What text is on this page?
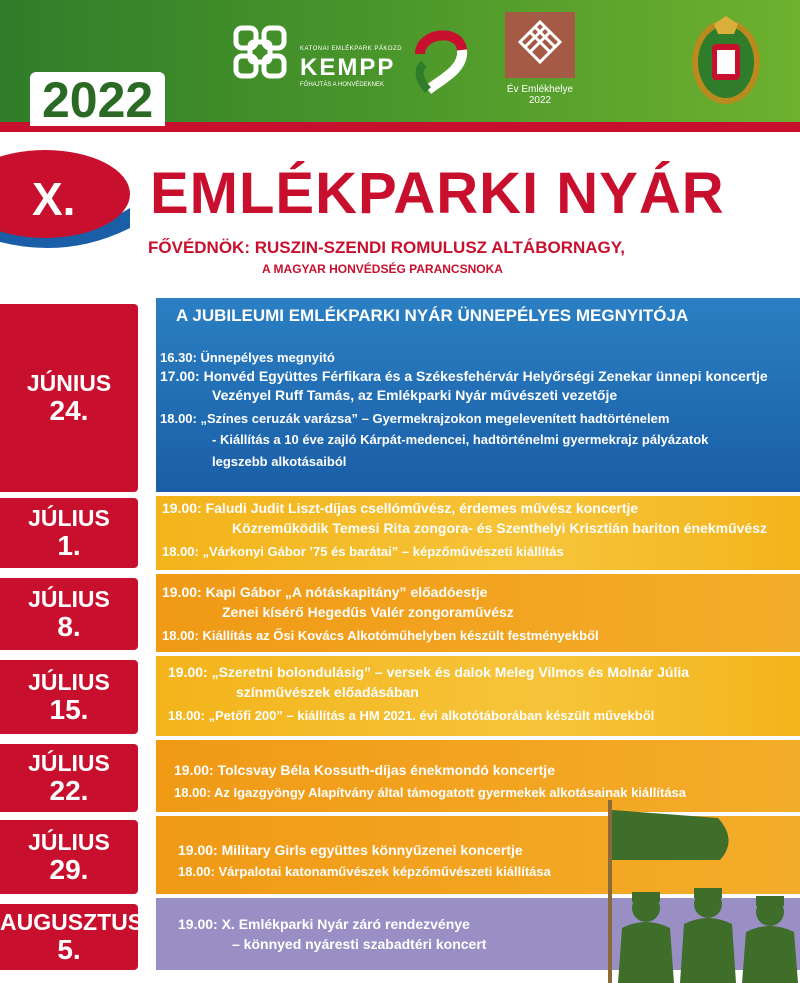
2022
KATONAI EMLÉKPARK PÁKOZD
KEMPP
FŐHAJTÁS A HONVÉDEKNEK	Év Emlékhelye
2022
X. EMLÉKPARKI NYÁR
FŐVÉDNÖK: RUSZIN-SZENDI ROMULUSZ ALTÁBORNAGY,
A MAGYAR HONVÉDSÉG PARANCSNOKA
JÚNIUS
24.
A JUBILEUMI EMLÉKPARKI NYÁR ÜNNEPÉLYES MEGNYITÓJA
16.30: Ünnepélyes megnyitó
17.00: Honvéd Együttes Férfikara és a Székesfehérvár Helyőrségi Zenekar ünnepi koncertje
Vezényel Ruff Tamás, az Emlékparki Nyár művészeti vezetője
18.00: „Színes ceruzák varázsa” – Gyermekrajzokon megelevenített hadtörténelem
- Kiállítás a 10 éve zajló Kárpát-medencei, hadtörténelmi gyermekrajz pályázatok
legszebb alkotásaiból
JÚLIUS
1.
19.00: Faludi Judit Liszt-díjas csellóművész, érdemes művész koncertje
Közreműködik Temesi Rita zongora- és Szenthelyi Krisztián bariton énekművész
18.00: „Várkonyi Gábor ’75 és barátai” – képzőművészeti kiállítás
JÚLIUS
8.
19.00: Kapi Gábor „A nótáskapitány” előadóestje
Zenei kísérő Hegedűs Valér zongoraművész
18.00: Kiállítás az Ősi Kovács Alkotóműhelyben készült festményekből
JÚLIUS
15.
19.00: „Szeretni bolondulásig” – versek és dalok Meleg Vilmos és Molnár Júlia
színművészek előadásában
18.00: „Petőfi 200” – kiállítás a HM 2021. évi alkotótáborában készült művekből
JÚLIUS
22.
19.00: Tolcsvay Béla Kossuth-díjas énekmondó koncertje
18.00: Az Igazgyöngy Alapítvány által támogatott gyermekek alkotásainak kiállítása
JÚLIUS
29.
19.00: Military Girls együttes könnyűzenei koncertje
18.00: Várpalotai katonaművészek képzőművészeti kiállítása
AUGUSZTUS
5.
19.00: X. Emlékparki Nyár záró rendezvénye
– könnyed nyáresti szabadtéri koncert
